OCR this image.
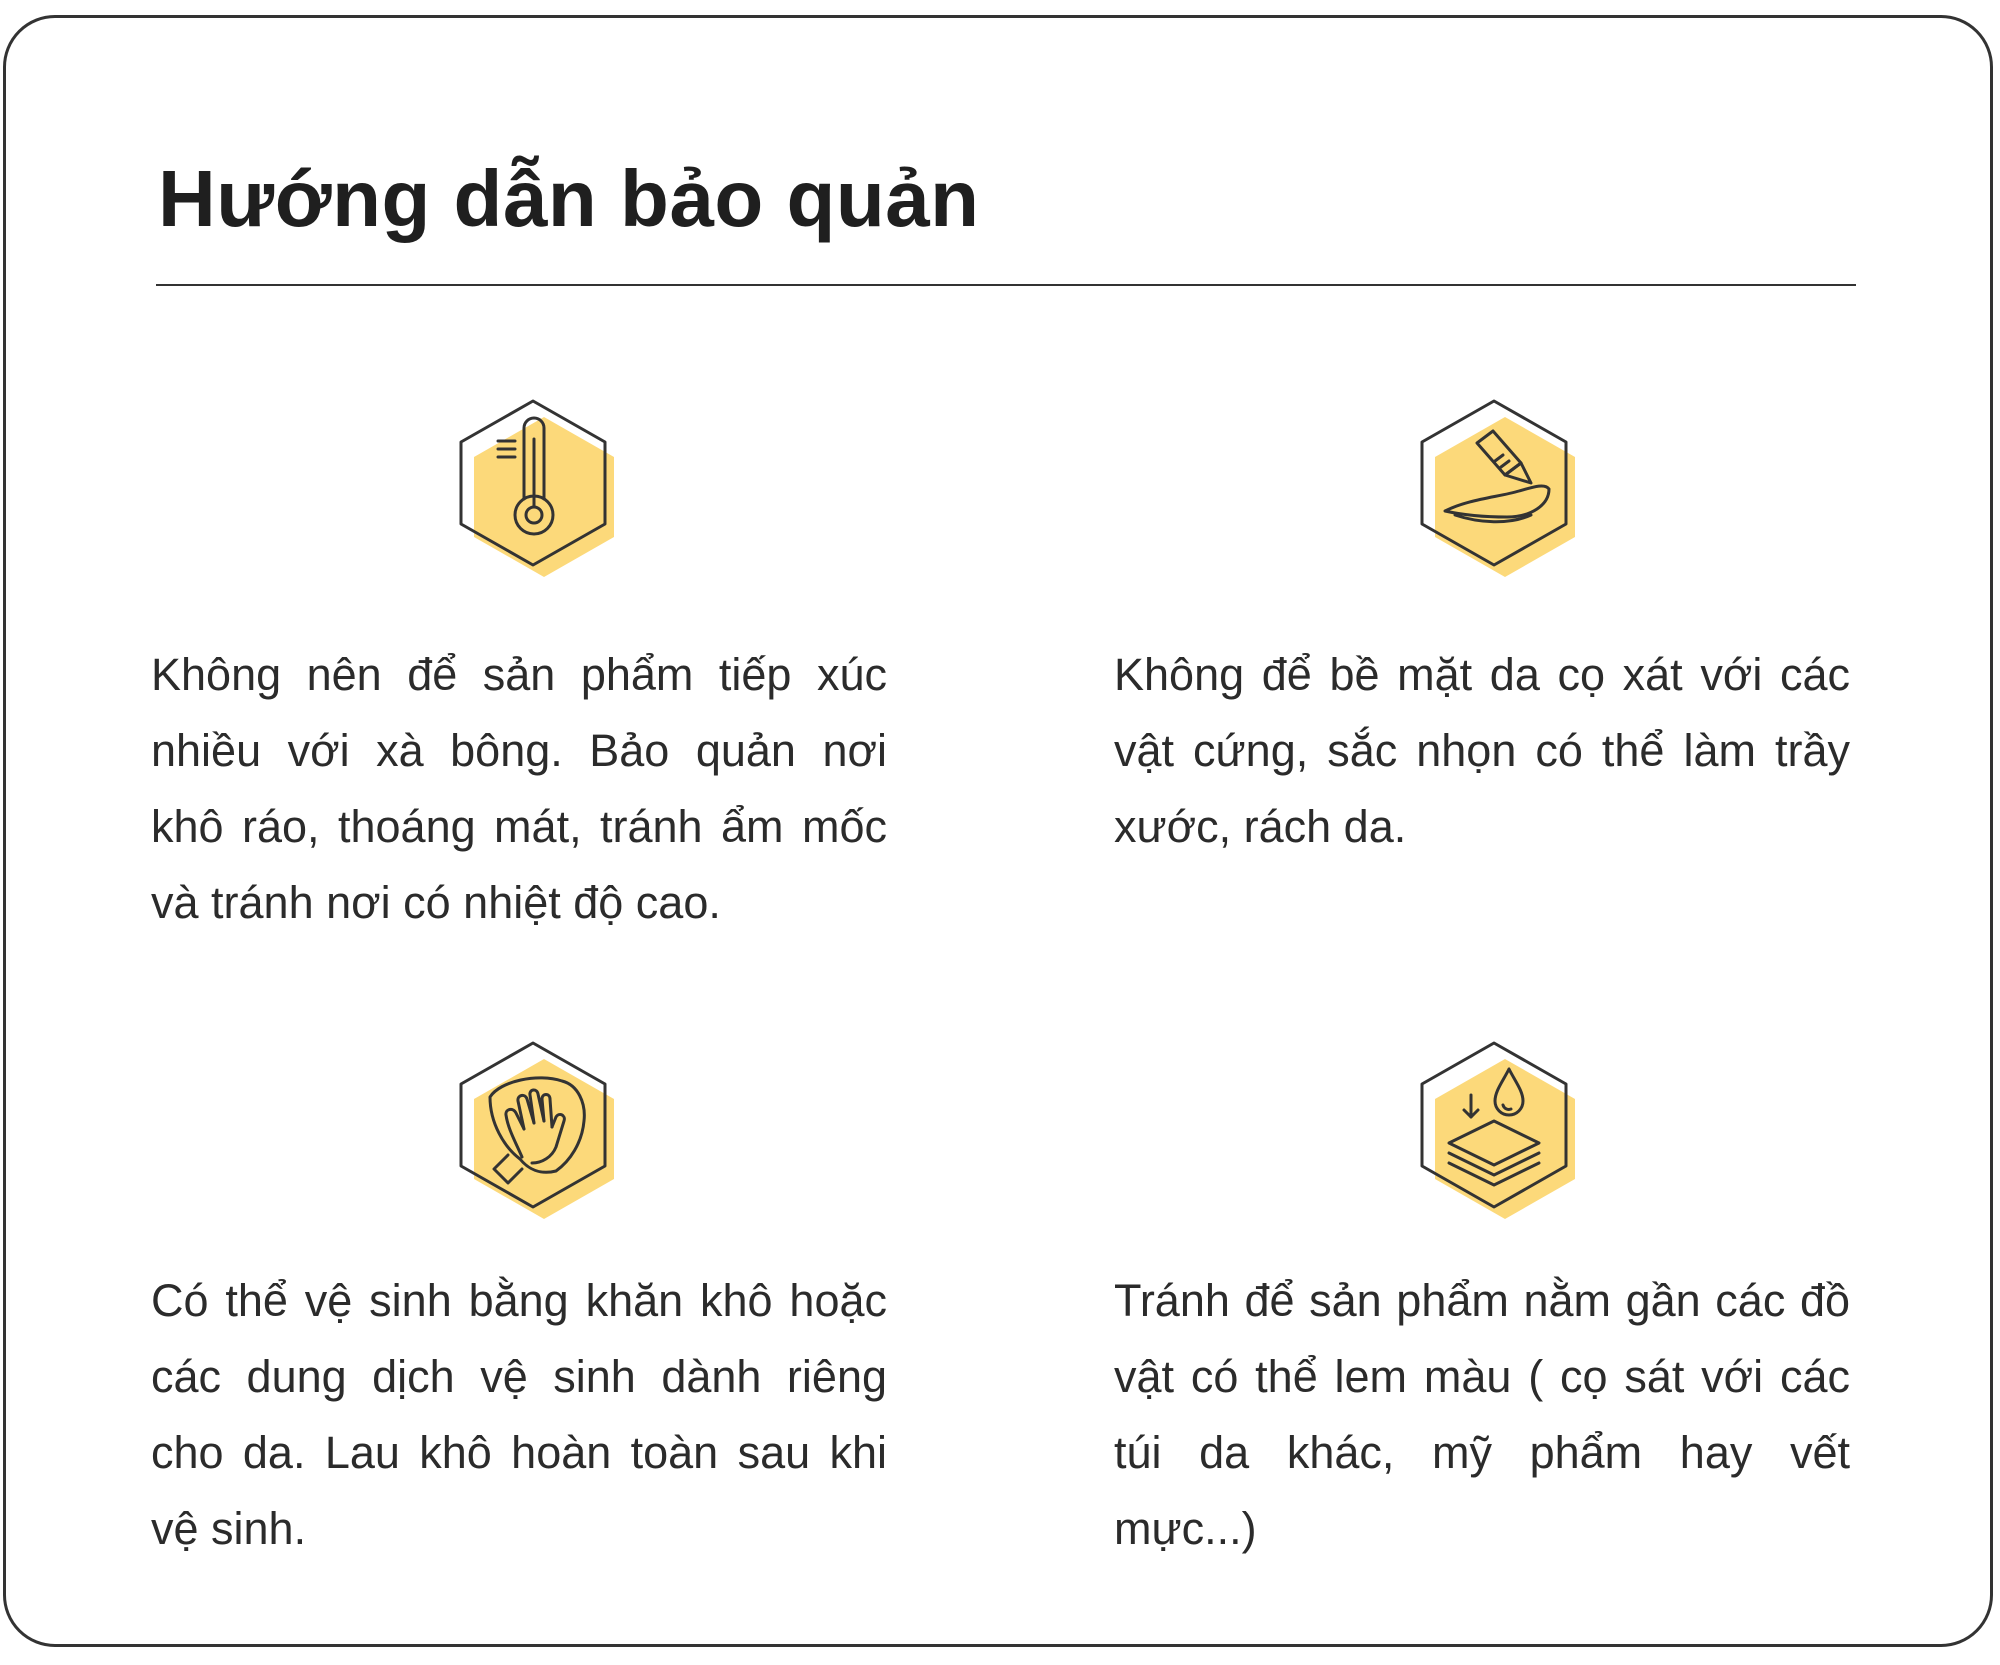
Hướng dẫn bảo quản

Không nên để sản phẩm tiếp xúc nhiều với xà bông. Bảo quản nơi khô ráo, thoáng mát, tránh ẩm mốc và tránh nơi có nhiệt độ cao.

Không để bề mặt da cọ xát với các vật cứng, sắc nhọn có thể làm trầy xước, rách da.

Có thể vệ sinh bằng khăn khô hoặc các dung dịch vệ sinh dành riêng cho da. Lau khô hoàn toàn sau khi vệ sinh.

Tránh để sản phẩm nằm gần các đồ vật có thể lem màu ( cọ sát với các túi da khác, mỹ phẩm hay vết mực...)
